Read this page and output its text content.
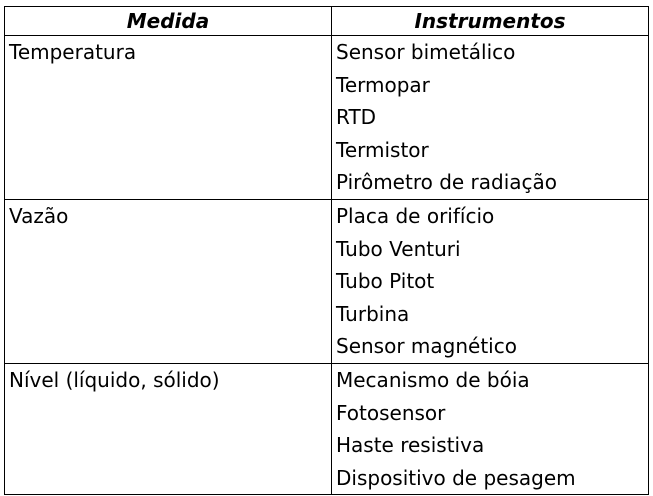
Medida	Instrumentos
Temperatura	Sensor bimetálico
Termopar
RTD
Termistor
Pirômetro de radiação

Vazão	Placa de orifício
Tubo Venturi
Tubo Pitot
Turbina
Sensor magnético

Nível (líquido, sólido)	Mecanismo de bóia
Fotosensor
Haste resistiva
Dispositivo de pesagem
